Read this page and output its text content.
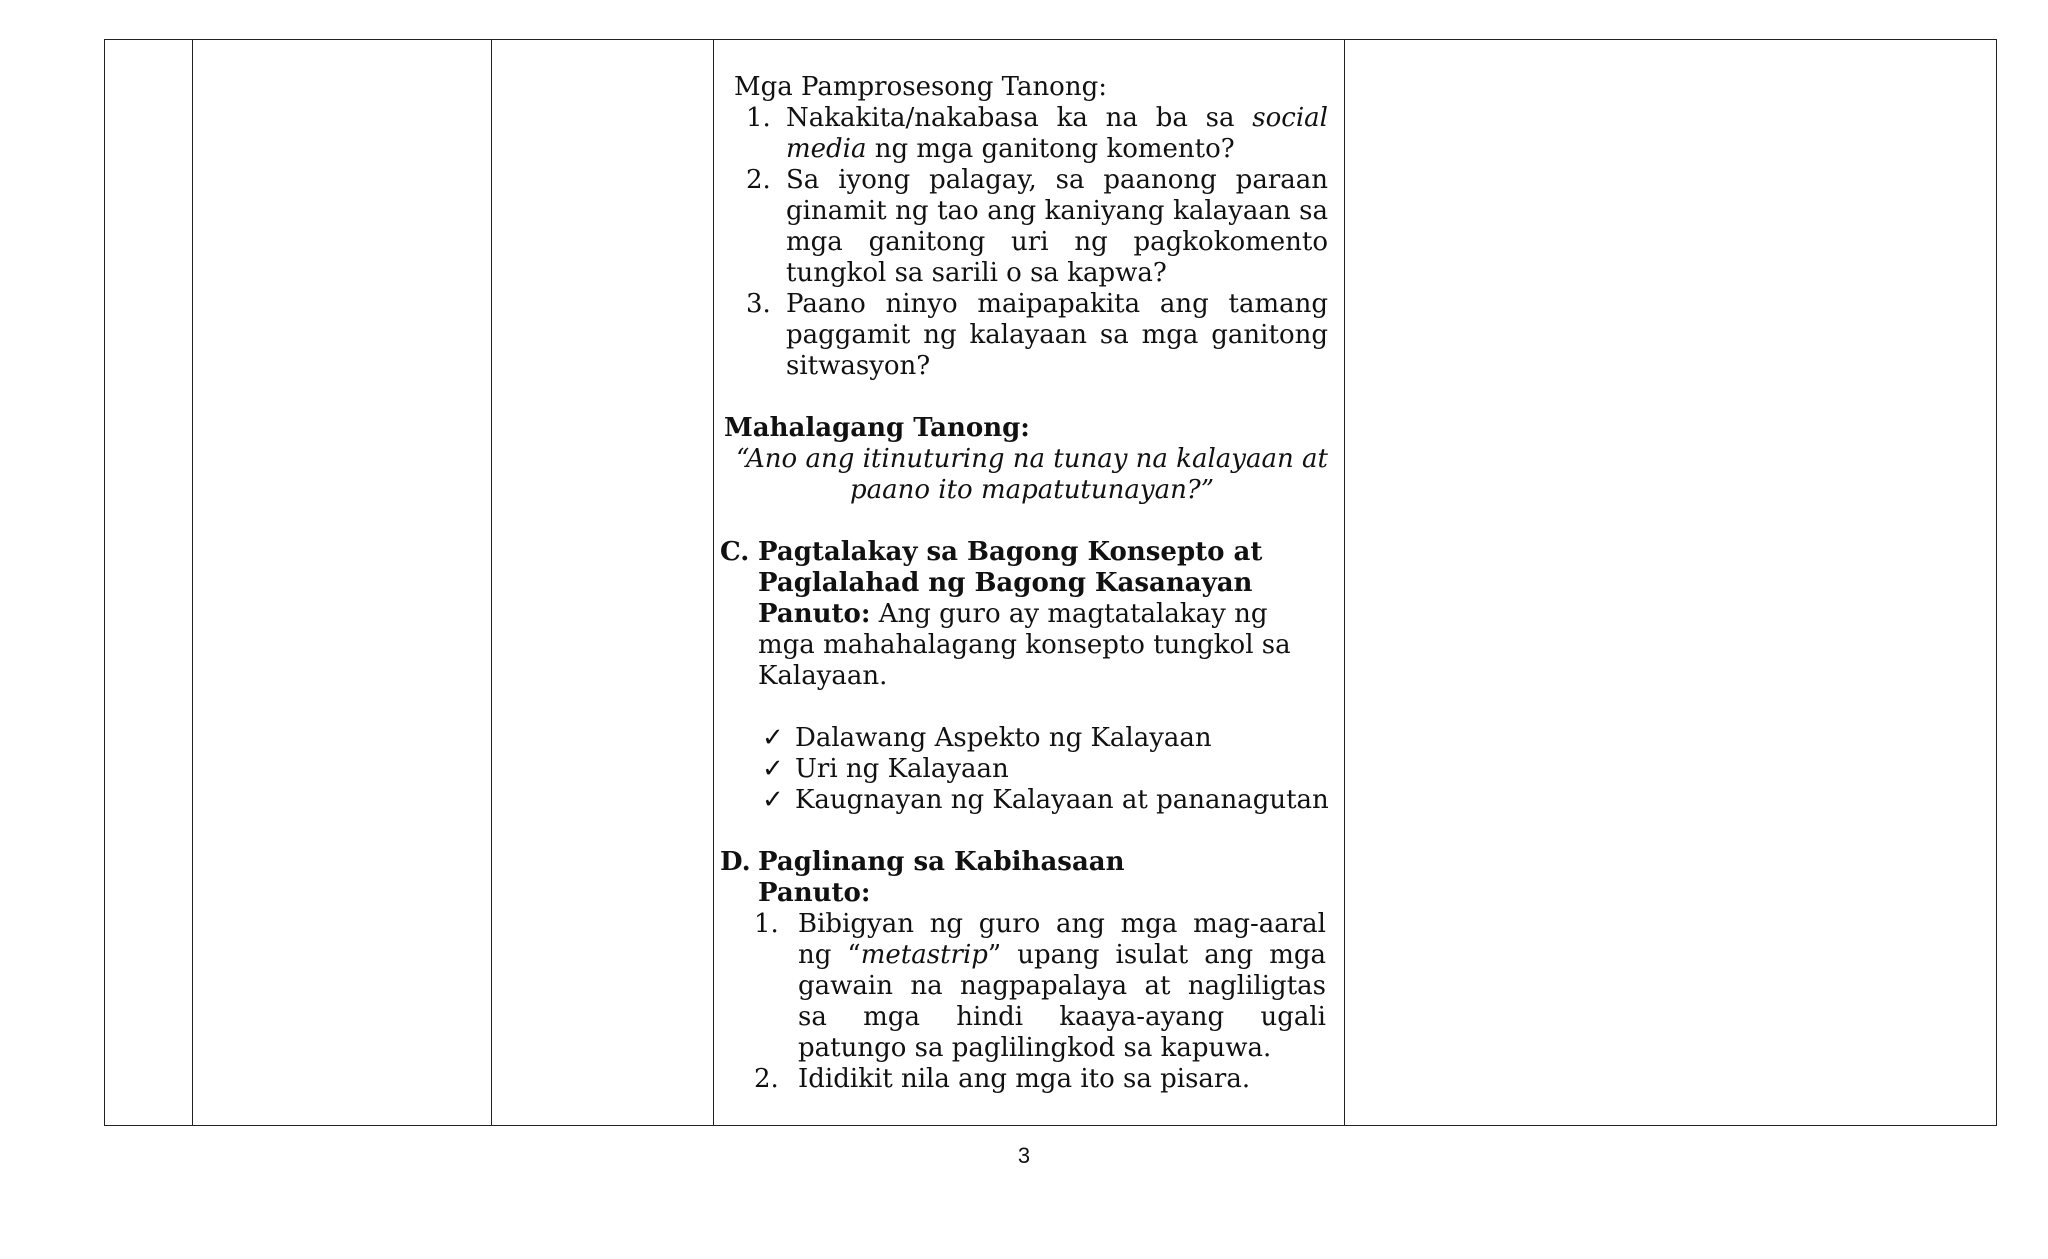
Mga Pamprosesong Tanong:

1. Nakakita/nakabasa ka na ba sa social media ng mga ganitong komento?
2. Sa iyong palagay, sa paanong paraan ginamit ng tao ang kaniyang kalayaan sa mga ganitong uri ng pagkokomento tungkol sa sarili o sa kapwa?
3. Paano ninyo maipapakita ang tamang paggamit ng kalayaan sa mga ganitong sitwasyon?

Mahalagang Tanong:

“Ano ang itinuturing na tunay na kalayaan at paano ito mapatutunayan?”

C. Pagtalakay sa Bagong Konsepto at Paglalahad ng Bagong Kasanayan

Panuto: Ang guro ay magtatalakay ng mga mahahalagang konsepto tungkol sa Kalayaan.

✓ Dalawang Aspekto ng Kalayaan
✓ Uri ng Kalayaan
✓ Kaugnayan ng Kalayaan at pananagutan
D. Paglinang sa Kabihasaan

Panuto:

1. Bibigyan ng guro ang mga mag-aaral ng “metastrip” upang isulat ang mga gawain na nagpapalaya at nagliligtas sa mga hindi kaaya-ayang ugali patungo sa paglilingkod sa kapuwa.
2. Ididikit nila ang mga ito sa pisara.
3
